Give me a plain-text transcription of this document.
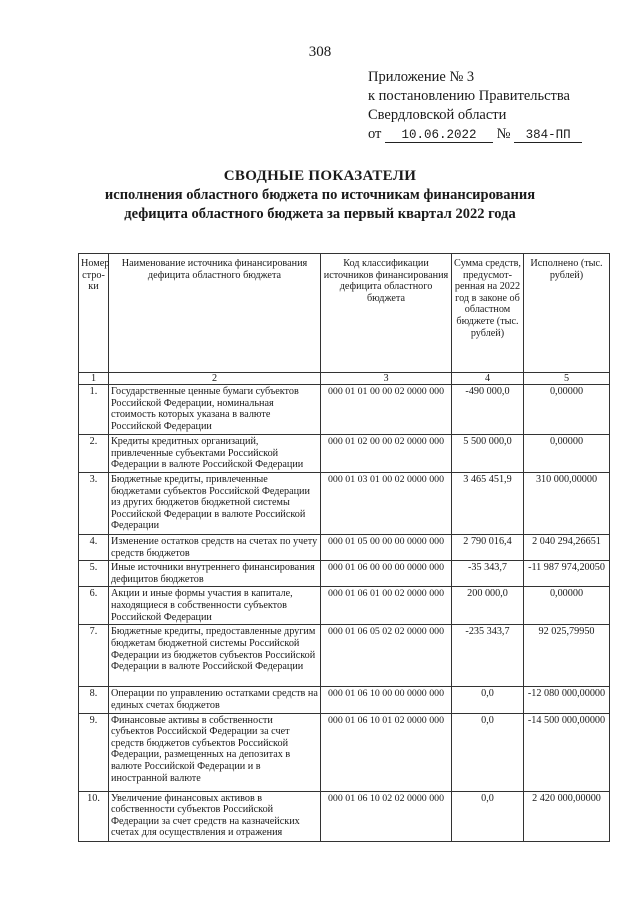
308
Приложение № 3
к постановлению Правительства
Свердловской области
от 10.06.2022 № 384-ПП
СВОДНЫЕ ПОКАЗАТЕЛИ
исполнения областного бюджета по источникам финансирования
дефицита областного бюджета за первый квартал 2022 года
Номер стро-ки	Наименование источника финансирования дефицита областного бюджета	Код классификации источников финансирования дефицита областного бюджета	Сумма средств, предусмот-ренная на 2022 год в законе об областном бюджете (тыс. рублей)	Исполнено (тыс. рублей)
1	2	3	4	5
1.	Государственные ценные бумаги субъектов Российской Федерации, номинальная стоимость которых указана в валюте Российской Федерации	000 01 01 00 00 02 0000 000	-490 000,0	0,00000
2.	Кредиты кредитных организаций, привлеченные субъектами Российской Федерации в валюте Российской Федерации	000 01 02 00 00 02 0000 000	5 500 000,0	0,00000
3.	Бюджетные кредиты, привлеченные бюджетами субъектов Российской Федерации из других бюджетов бюджетной системы Российской Федерации в валюте Российской Федерации	000 01 03 01 00 02 0000 000	3 465 451,9	310 000,00000
4.	Изменение остатков средств на счетах по учету средств бюджетов	000 01 05 00 00 00 0000 000	2 790 016,4	2 040 294,26651
5.	Иные источники внутреннего финансирования дефицитов бюджетов	000 01 06 00 00 00 0000 000	-35 343,7	-11 987 974,20050
6.	Акции и иные формы участия в капитале, находящиеся в собственности субъектов Российской Федерации	000 01 06 01 00 02 0000 000	200 000,0	0,00000
7.	Бюджетные кредиты, предоставленные другим бюджетам бюджетной системы Российской Федерации из бюджетов субъектов Российской Федерации в валюте Российской Федерации	000 01 06 05 02 02 0000 000	-235 343,7	92 025,79950
8.	Операции по управлению остатками средств на единых счетах бюджетов	000 01 06 10 00 00 0000 000	0,0	-12 080 000,00000
9.	Финансовые активы в собственности субъектов Российской Федерации за счет средств бюджетов субъектов Российской Федерации, размещенных на депозитах в валюте Российской Федерации и в иностранной валюте	000 01 06 10 01 02 0000 000	0,0	-14 500 000,00000
10.	Увеличение финансовых активов в собственности субъектов Российской Федерации за счет средств на казначейских счетах для осуществления и отражения	000 01 06 10 02 02 0000 000	0,0	2 420 000,00000
